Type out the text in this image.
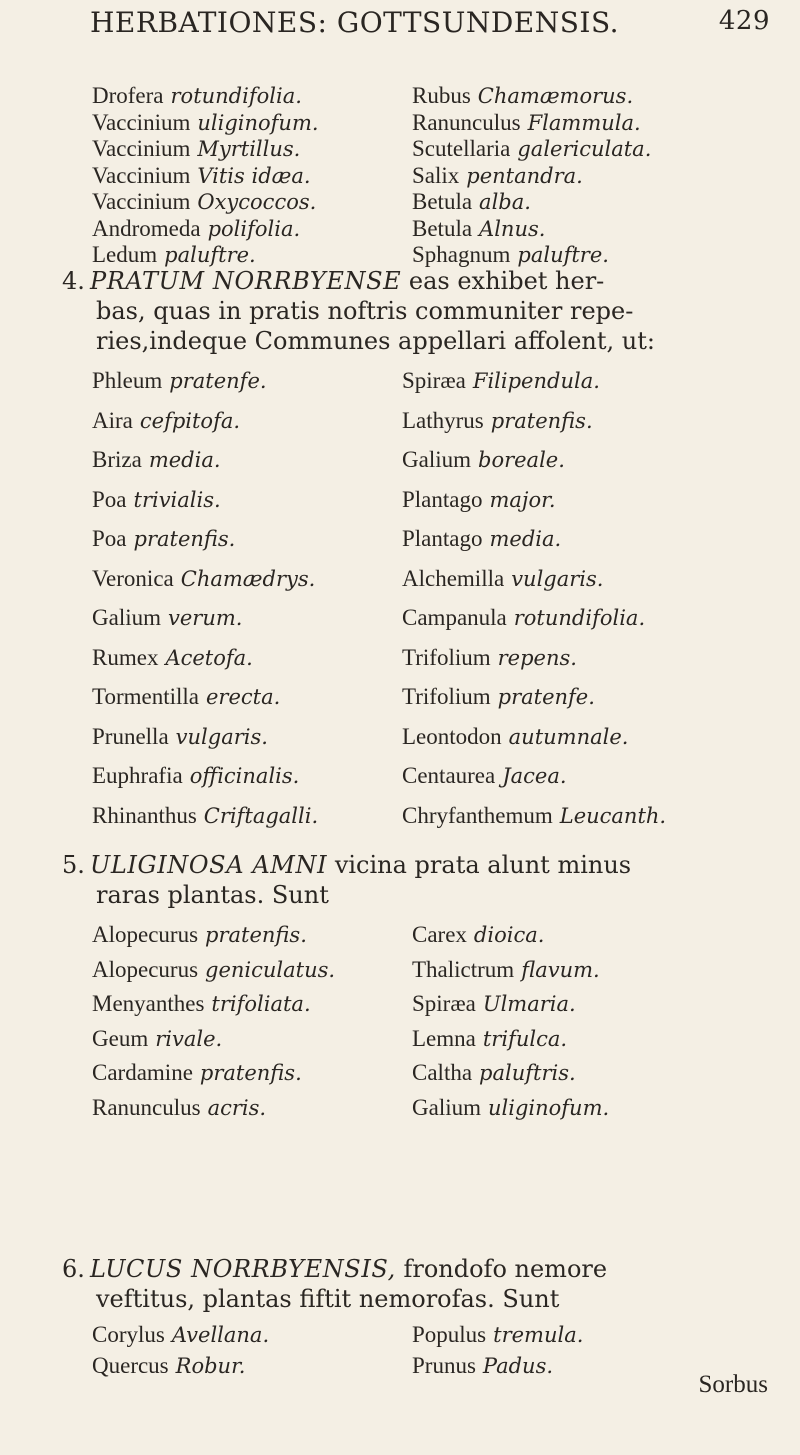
HERBATIONES: GOTTSUNDENSIS.	429
Drofera rotundifolia.
Vaccinium uliginofum.
Vaccinium Myrtillus.
Vaccinium Vitis idæa.
Vaccinium Oxycoccos.
Andromeda polifolia.
Ledum paluftre.
Rubus Chamæmorus.
Ranunculus Flammula.
Scutellaria galericulata.
Salix pentandra.
Betula alba.
Betula Alnus.
Sphagnum paluftre.
4. PRATUM NORRBYENSE eas exhibet her-
bas, quas in pratis noftris communiter repe-
ries,indeque Communes appellari affolent, ut:
Phleum pratenfe.
Aira cefpitofa.
Briza media.
Poa trivialis.
Poa pratenfis.
Veronica Chamædrys.
Galium verum.
Rumex Acetofa.
Tormentilla erecta.
Prunella vulgaris.
Euphrafia officinalis.
Rhinanthus Criftagalli.
Spiræa Filipendula.
Lathyrus pratenfis.
Galium boreale.
Plantago major.
Plantago media.
Alchemilla vulgaris.
Campanula rotundifolia.
Trifolium repens.
Trifolium pratenfe.
Leontodon autumnale.
Centaurea Jacea.
Chryfanthemum Leucanth.
5. ULIGINOSA AMNI vicina prata alunt minus
raras plantas. Sunt
Alopecurus pratenfis.
Alopecurus geniculatus.
Menyanthes trifoliata.
Geum rivale.
Cardamine pratenfis.
Ranunculus acris.
Carex dioica.
Thalictrum flavum.
Spiræa Ulmaria.
Lemna trifulca.
Caltha paluftris.
Galium uliginofum.
6. LUCUS NORRBYENSIS, frondofo nemore
veftitus, plantas fiftit nemorofas. Sunt
Corylus Avellana.
Quercus Robur.
Populus tremula.
Prunus Padus.
Sorbus
